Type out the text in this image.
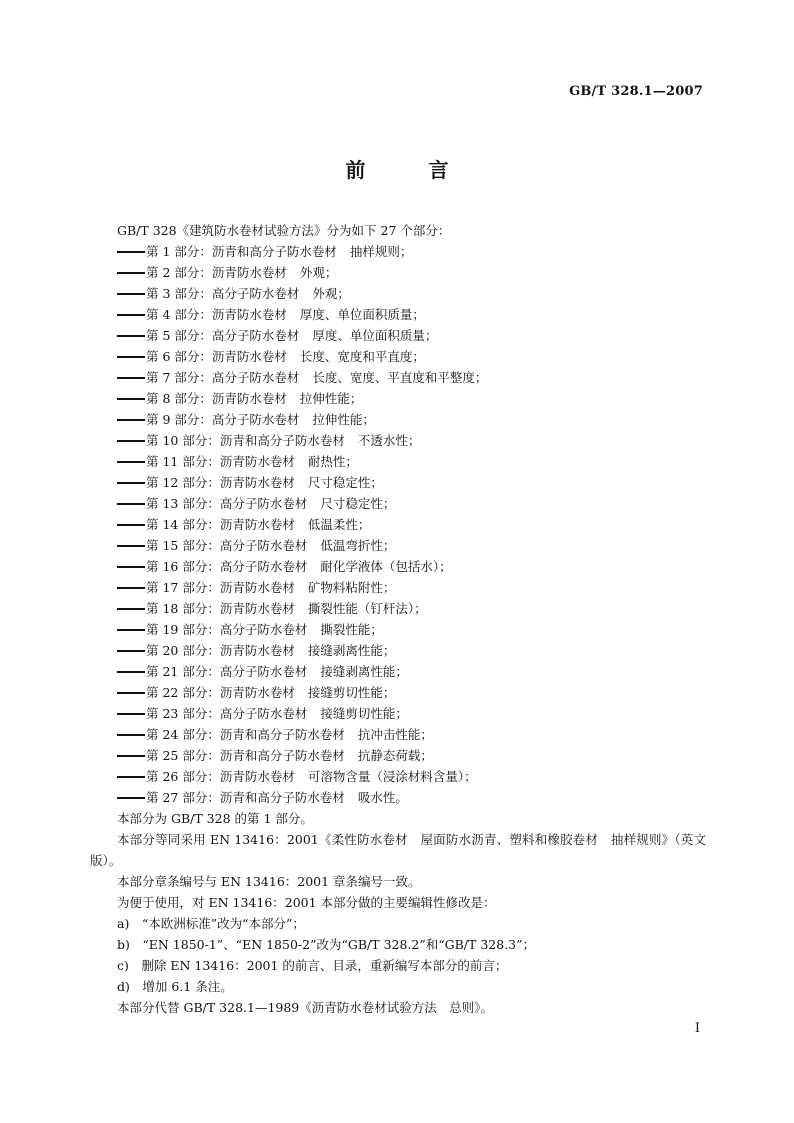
GB/T 328.1—2007
前 言
GB/T 328《建筑防水卷材试验方法》分为如下 27 个部分：
第 1 部分：沥青和高分子防水卷材 抽样规则；
第 2 部分：沥青防水卷材 外观；
第 3 部分：高分子防水卷材 外观；
第 4 部分：沥青防水卷材 厚度、单位面积质量；
第 5 部分：高分子防水卷材 厚度、单位面积质量；
第 6 部分：沥青防水卷材 长度、宽度和平直度；
第 7 部分：高分子防水卷材 长度、宽度、平直度和平整度；
第 8 部分：沥青防水卷材 拉伸性能；
第 9 部分：高分子防水卷材 拉伸性能；
第 10 部分：沥青和高分子防水卷材 不透水性；
第 11 部分：沥青防水卷材 耐热性；
第 12 部分：沥青防水卷材 尺寸稳定性；
第 13 部分：高分子防水卷材 尺寸稳定性；
第 14 部分：沥青防水卷材 低温柔性；
第 15 部分：高分子防水卷材 低温弯折性；
第 16 部分：高分子防水卷材 耐化学液体（包括水）；
第 17 部分：沥青防水卷材 矿物料粘附性；
第 18 部分：沥青防水卷材 撕裂性能（钉杆法）；
第 19 部分：高分子防水卷材 撕裂性能；
第 20 部分：沥青防水卷材 接缝剥离性能；
第 21 部分：高分子防水卷材 接缝剥离性能；
第 22 部分：沥青防水卷材 接缝剪切性能；
第 23 部分：高分子防水卷材 接缝剪切性能；
第 24 部分：沥青和高分子防水卷材 抗冲击性能；
第 25 部分：沥青和高分子防水卷材 抗静态荷载；
第 26 部分：沥青防水卷材 可溶物含量（浸涂材料含量）；
第 27 部分：沥青和高分子防水卷材 吸水性。
本部分为 GB/T 328 的第 1 部分。
本部分等同采用 EN 13416：2001《柔性防水卷材　屋面防水沥青、塑料和橡胶卷材　抽样规则》（英文版）。
本部分章条编号与 EN 13416：2001 章条编号一致。
为便于使用，对 EN 13416：2001 本部分做的主要编辑性修改是：
a)　“本欧洲标准”改为“本部分”；
b)　“EN 1850-1”、“EN 1850-2”改为“GB/T 328.2”和“GB/T 328.3”；
c)　删除 EN 13416：2001 的前言、目录，重新编写本部分的前言；
d)　增加 6.1 条注。
本部分代替 GB/T 328.1—1989《沥青防水卷材试验方法　总则》。
I
